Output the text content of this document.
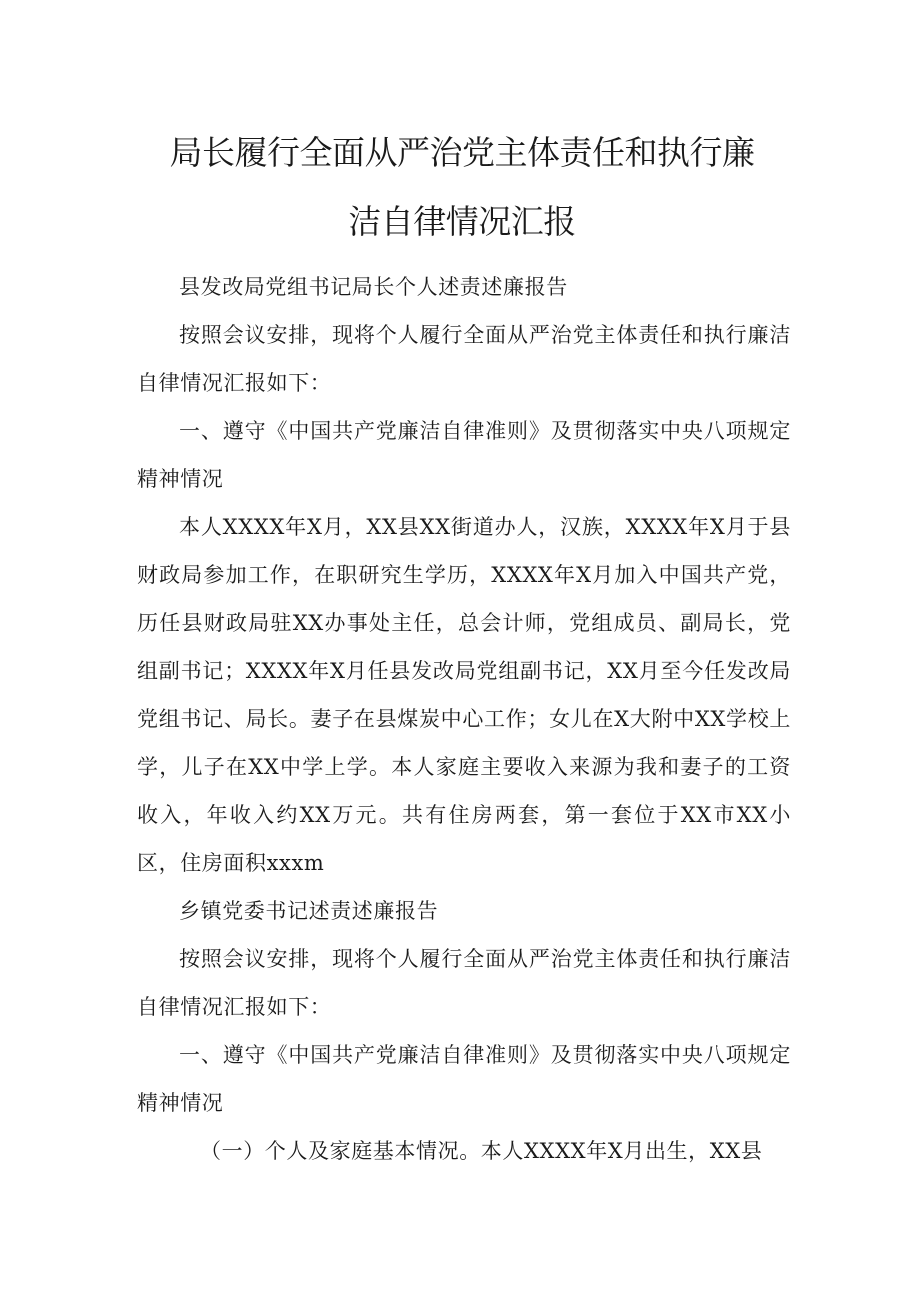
局长履行全面从严治党主体责任和执行廉
洁自律情况汇报

县发改局党组书记局长个人述责述廉报告

按照会议安排，现将个人履行全面从严治党主体责任和执行廉洁自律情况汇报如下：

一、遵守《中国共产党廉洁自律准则》及贯彻落实中央八项规定精神情况

本人XXXX年X月，XX县XX街道办人，汉族，XXXX年X月于县财政局参加工作，在职研究生学历，XXXX年X月加入中国共产党，历任县财政局驻XX办事处主任，总会计师，党组成员、副局长，党组副书记；XXXX年X月任县发改局党组副书记，XX月至今任发改局党组书记、局长。妻子在县煤炭中心工作；女儿在X大附中XX学校上学，儿子在XX中学上学。本人家庭主要收入来源为我和妻子的工资收入，年收入约XX万元。共有住房两套，第一套位于XX市XX小区，住房面积xxxm

乡镇党委书记述责述廉报告

按照会议安排，现将个人履行全面从严治党主体责任和执行廉洁自律情况汇报如下：

一、遵守《中国共产党廉洁自律准则》及贯彻落实中央八项规定精神情况

（一）个人及家庭基本情况。本人XXXX年X月出生，XX县
